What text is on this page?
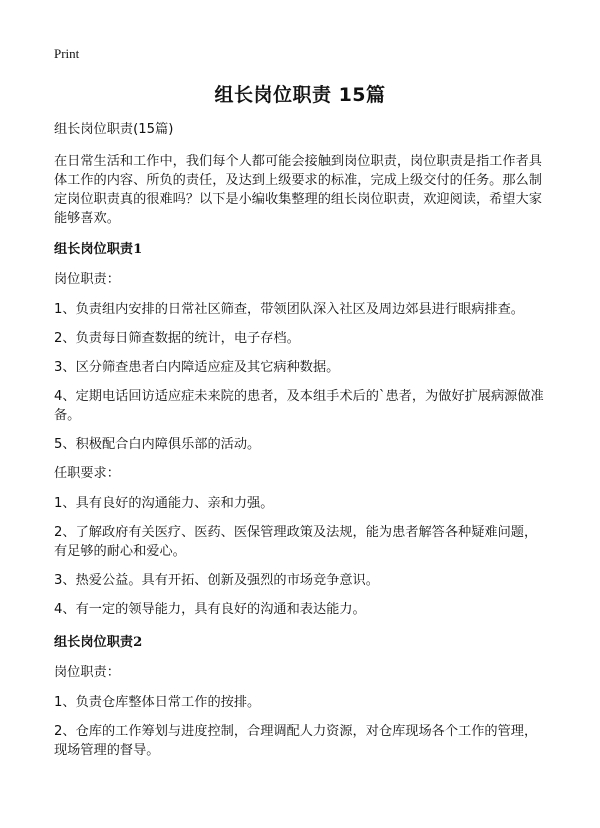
Print
组长岗位职责 15篇

组长岗位职责(15篇)

在日常生活和工作中，我们每个人都可能会接触到岗位职责，岗位职责是指工作者具体工作的内容、所负的责任，及达到上级要求的标准，完成上级交付的任务。那么制定岗位职责真的很难吗？以下是小编收集整理的组长岗位职责，欢迎阅读，希望大家能够喜欢。

组长岗位职责1

岗位职责：

1、负责组内安排的日常社区筛查，带领团队深入社区及周边郊县进行眼病排查。

2、负责每日筛查数据的统计，电子存档。

3、区分筛查患者白内障适应症及其它病种数据。

4、定期电话回访适应症未来院的患者，及本组手术后的`患者，为做好扩展病源做准备。

5、积极配合白内障俱乐部的活动。

任职要求：

1、具有良好的沟通能力、亲和力强。

2、了解政府有关医疗、医药、医保管理政策及法规，能为患者解答各种疑难问题，有足够的耐心和爱心。

3、热爱公益。具有开拓、创新及强烈的市场竞争意识。

4、有一定的领导能力，具有良好的沟通和表达能力。

组长岗位职责2

岗位职责：

1、负责仓库整体日常工作的按排。

2、仓库的工作筹划与进度控制，合理调配人力资源，对仓库现场各个工作的管理，现场管理的督导。
